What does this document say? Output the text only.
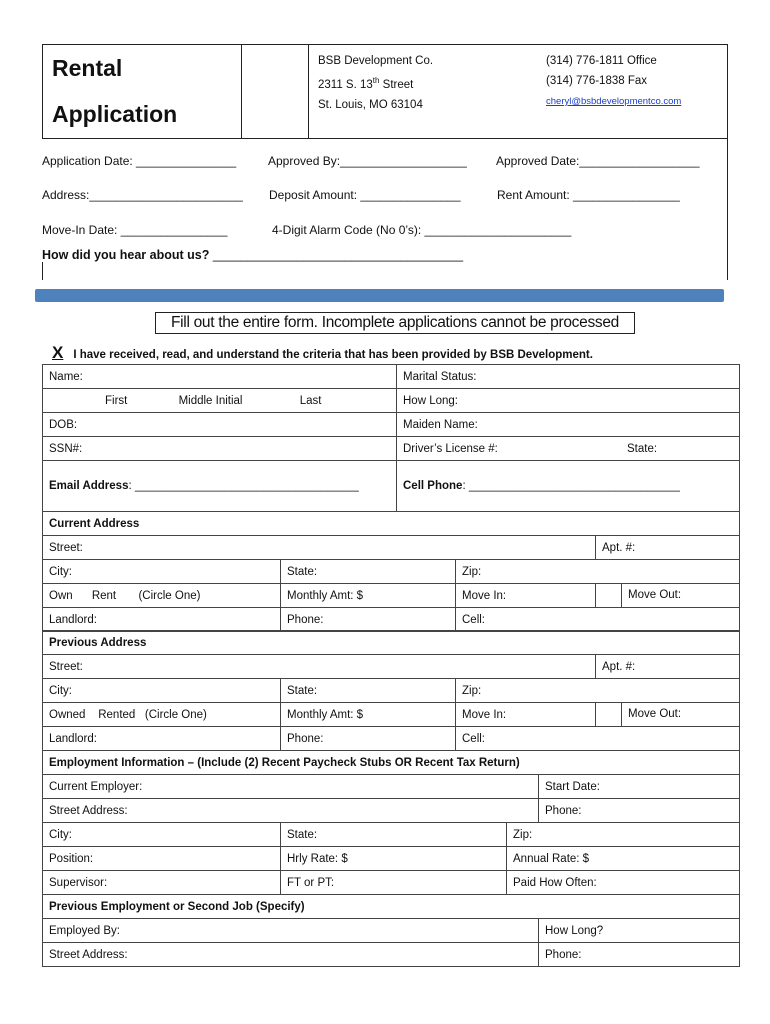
Rental
Application
BSB Development Co.
2311 S. 13th Street
St. Louis, MO 63104
(314) 776-1811 Office
(314) 776-1838 Fax
cheryl@bsbdevelopmentco.com
Application Date: _______________	Approved By:___________________ Approved Date:__________________
Address:_______________________ Deposit Amount: _______________	Rent Amount: ________________
Move-In Date: ________________	4-Digit Alarm Code (No 0’s): ______________________
How did you hear about us? ____________________________________
Fill out the entire form. Incomplete applications cannot be processed
X I have received, read, and understand the criteria that has been provided by BSB Development.
Name:	Marital Status:
First Middle Initial Last	How Long:
DOB:	Maiden Name:
SSN#:	Driver’s License #: State:
Email Address: ___________________________________	Cell Phone: _________________________________
Current Address			
Street:			Apt. #:
City:	State:	Zip:	
Own      Rent       (Circle One)	Monthly Amt: $	Move In:	Move Out:

Landlord:	Phone:	Cell:	
Previous Address			
Street:			Apt. #:
City:	State:	Zip:	
Owned    Rented   (Circle One)	Monthly Amt: $	Move In:	Move Out:

Landlord:	Phone:	Cell:	
Employment Information – (Include (2) Recent Paycheck Stubs OR Recent Tax Return)			
Current Employer:			Start Date:
Street Address:			Phone:
City:	State:	Zip:	
Position:	Hrly Rate: $	Annual Rate: $	
Supervisor:	FT or PT:	Paid How Often:	
Previous Employment or Second Job (Specify)	
Employed By:	How Long?
Street Address:	Phone:
